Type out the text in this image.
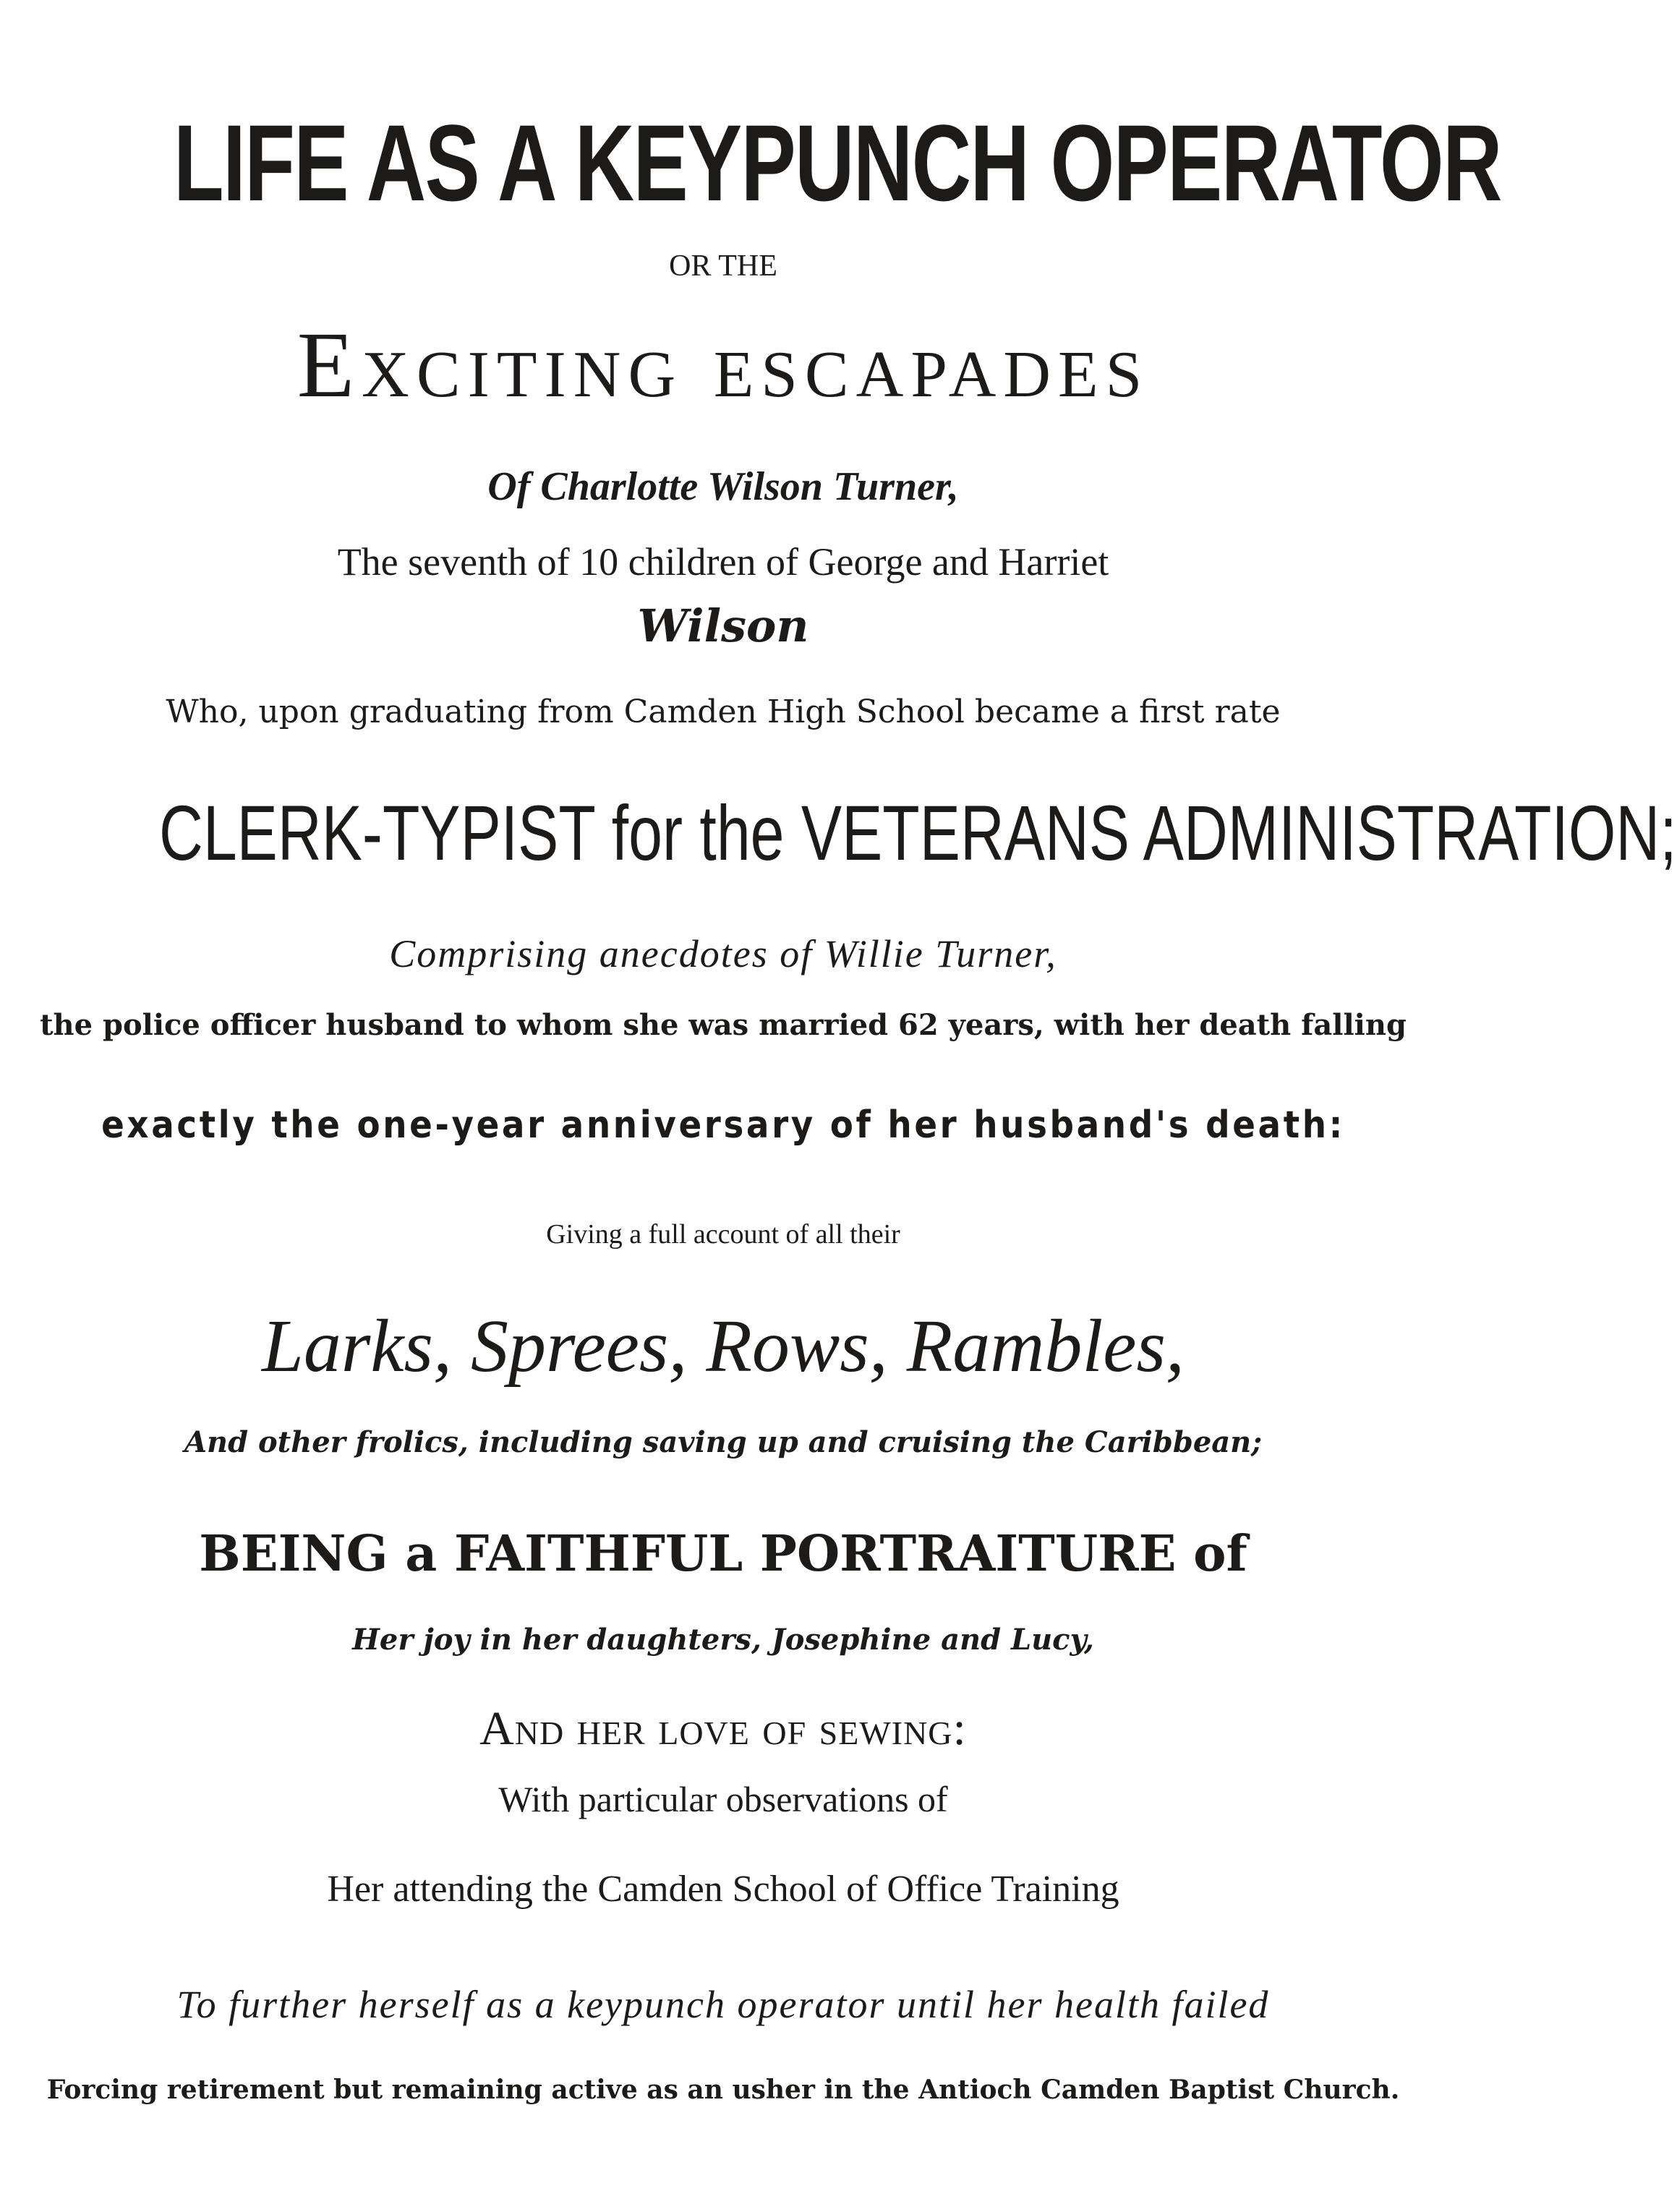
LIFE AS A KEYPUNCH OPERATOR
OR THE
Exciting escapades
Of Charlotte Wilson Turner,
The seventh of 10 children of George and Harriet
Wilson
Who, upon graduating from Camden High School became a first rate
CLERK-TYPIST for the VETERANS ADMINISTRATION;
Comprising anecdotes of Willie Turner,
the police officer husband to whom she was married 62 years, with her death falling
exactly the one-year anniversary of her husband's death:
Giving a full account of all their
Larks, Sprees, Rows, Rambles,
And other frolics, including saving up and cruising the Caribbean;
BEING a FAITHFUL PORTRAITURE of
Her joy in her daughters, Josephine and Lucy,
And her love of sewing:
With particular observations of
Her attending the Camden School of Office Training
To further herself as a keypunch operator until her health failed
Forcing retirement but remaining active as an usher in the Antioch Camden Baptist Church.
